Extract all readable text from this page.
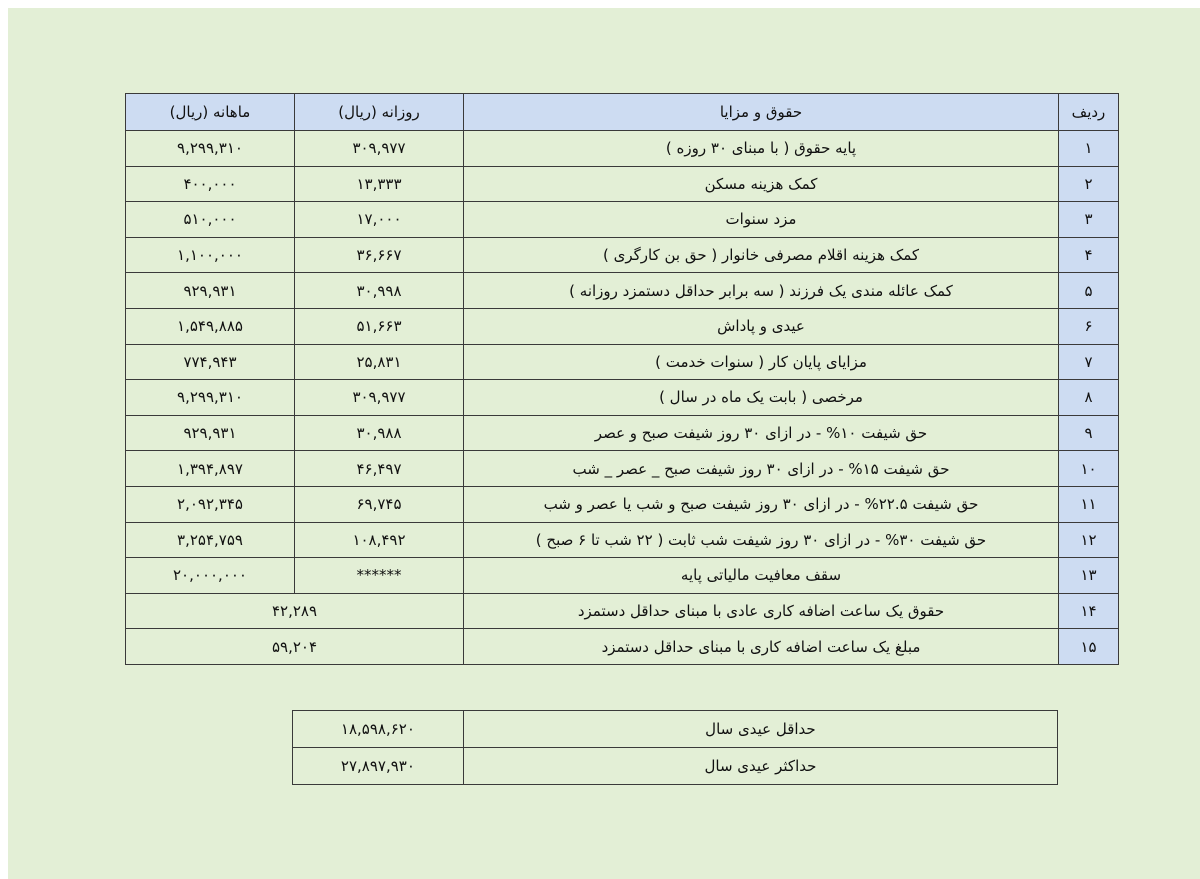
ردیف	حقوق و مزایا	روزانه (ریال)	ماهانه (ریال)
۱	پایه حقوق ( با مبنای ۳۰ روزه )	۳۰۹,۹۷۷	۹,۲۹۹,۳۱۰
۲	کمک هزینه مسکن	۱۳,۳۳۳	۴۰۰,۰۰۰
۳	مزد سنوات	۱۷,۰۰۰	۵۱۰,۰۰۰
۴	کمک هزینه اقلام مصرفی خانوار ( حق بن کارگری )	۳۶,۶۶۷	۱,۱۰۰,۰۰۰
۵	کمک عائله مندی یک فرزند ( سه برابر حداقل دستمزد روزانه )	۳۰,۹۹۸	۹۲۹,۹۳۱
۶	عیدی و پاداش	۵۱,۶۶۳	۱,۵۴۹,۸۸۵
۷	مزایای پایان کار ( سنوات خدمت )	۲۵,۸۳۱	۷۷۴,۹۴۳
۸	مرخصی ( بابت یک ماه در سال )	۳۰۹,۹۷۷	۹,۲۹۹,۳۱۰
۹	حق شیفت ۱۰% - در ازای ۳۰ روز شیفت صبح و عصر	۳۰,۹۸۸	۹۲۹,۹۳۱
۱۰	حق شیفت ۱۵% - در ازای ۳۰ روز شیفت صبح _ عصر _ شب	۴۶,۴۹۷	۱,۳۹۴,۸۹۷
۱۱	حق شیفت ۲۲.۵% - در ازای ۳۰ روز شیفت صبح و شب یا عصر و شب	۶۹,۷۴۵	۲,۰۹۲,۳۴۵
۱۲	حق شیفت ۳۰% - در ازای ۳۰ روز شیفت شب ثابت ( ۲۲ شب تا ۶ صبح )	۱۰۸,۴۹۲	۳,۲۵۴,۷۵۹
۱۳	سقف معافیت مالیاتی پایه	******	۲۰,۰۰۰,۰۰۰
۱۴	حقوق یک ساعت اضافه کاری عادی با مبنای حداقل دستمزد	۴۲,۲۸۹	
۱۵	مبلغ یک ساعت اضافه کاری با مبنای حداقل دستمزد	۵۹,۲۰۴	
حداقل عیدی سال	۱۸,۵۹۸,۶۲۰
حداکثر عیدی سال	۲۷,۸۹۷,۹۳۰
